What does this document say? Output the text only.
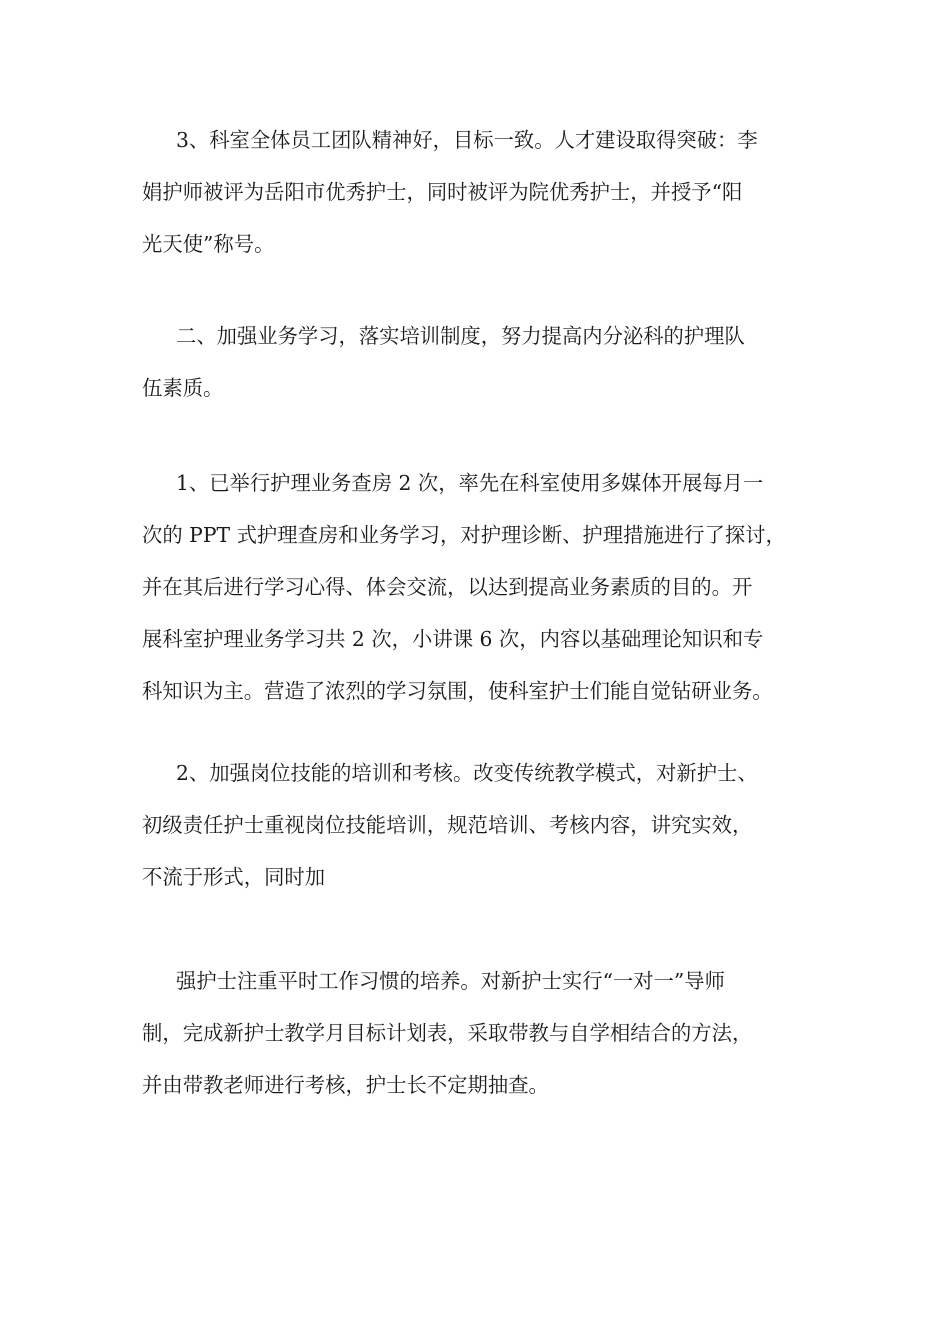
3、科室全体员工团队精神好，目标一致。人才建设取得突破：李
娟护师被评为岳阳市优秀护士，同时被评为院优秀护士，并授予“阳
光天使”称号。
二、加强业务学习，落实培训制度，努力提高内分泌科的护理队
伍素质。
1、已举行护理业务查房 2 次，率先在科室使用多媒体开展每月一
次的 PPT 式护理查房和业务学习，对护理诊断、护理措施进行了探讨，
并在其后进行学习心得、体会交流，以达到提高业务素质的目的。开
展科室护理业务学习共 2 次，小讲课 6 次，内容以基础理论知识和专
科知识为主。营造了浓烈的学习氛围，使科室护士们能自觉钻研业务。
2、加强岗位技能的培训和考核。改变传统教学模式，对新护士、
初级责任护士重视岗位技能培训，规范培训、考核内容，讲究实效，
不流于形式，同时加
强护士注重平时工作习惯的培养。对新护士实行“一对一”导师
制，完成新护士教学月目标计划表，采取带教与自学相结合的方法，
并由带教老师进行考核，护士长不定期抽查。
